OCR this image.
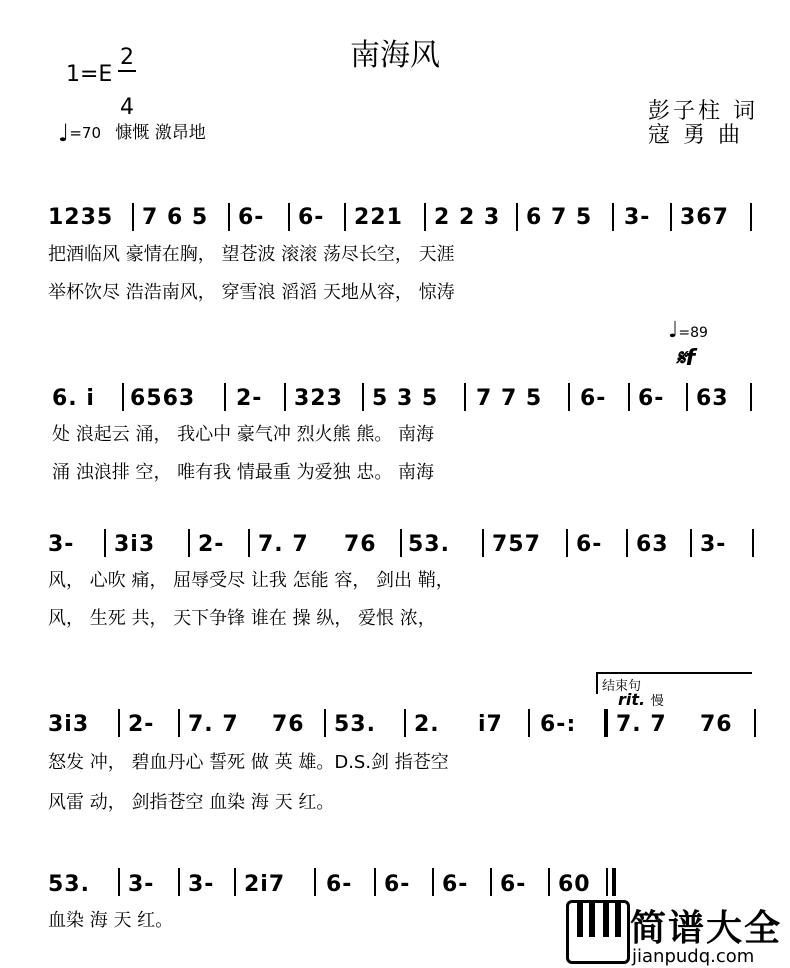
南海风
1=E
2
4
♩=70 慷慨 激昂地
彭子柱 词
寇 勇 曲
1235 7 6 5 6- 6- 221 2 2 3 6 7 5 3- 367
把酒临风 豪情在胸， 望苍波 滚滚 荡尽长空， 天涯
举杯饮尽 浩浩南风， 穿雪浪 滔滔 天地从容， 惊涛
♩=89
𝄋f
6. i 6563 2- 323 5 3 5 7 7 5 6- 6- 63
处 浪起云 涌， 我心中 豪气冲 烈火熊 熊。 南海
涌 浊浪排 空， 唯有我 情最重 为爱独 忠。 南海
3- 3i3 2- 7. 7 76 53. 757 6- 63 3-
风， 心吹 痛， 屈辱受尽 让我 怎能 容， 剑出 鞘，
风， 生死 共， 天下争锋 谁在 操 纵， 爱恨 浓，
结束句
rit. 慢
3i3 2- 7. 7 76 53. 2. i7 6-: 7. 7 76
怒发 冲， 碧血丹心 誓死 做 英 雄。D.S.剑 指苍空
风雷 动， 剑指苍空 血染 海 天 红。
53. 3- 3- 2i7 6- 6- 6- 6- 60
血染 海 天 红。	简谱大全
jianpudq.com
